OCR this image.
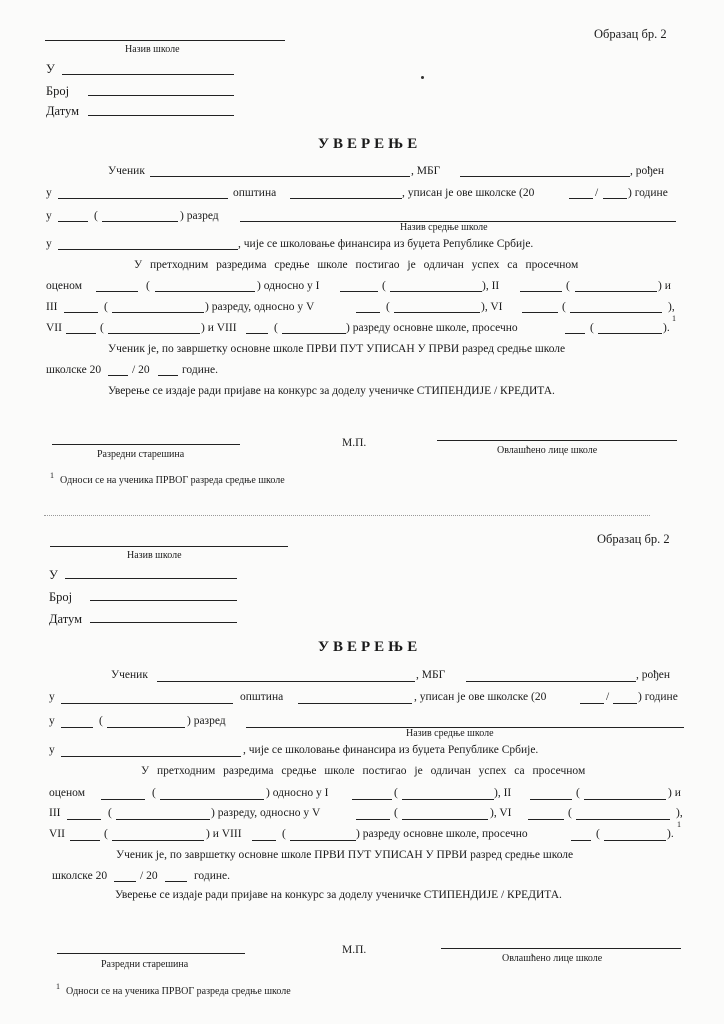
Образац бр. 2
Назив школе
У
Број
Датум
УВЕРЕЊЕ
Ученик	, МБГ	, рођен
у	општина	, уписан је ове школске (20	/	) године
у	(	) разред
Назив средње школе
у	, чије се школовање финансира из буџета Републике Србије.
У претходним разредима средње школе постигао је одличан успех са просечном
оценом	(	) односно у I	(	), II	(	) и
III	(	) разреду, односно у V	(	), VI	(	),
VII	(	) и VIII	(	) разреду основне школе, просечно	(	).
1
Ученик је, по завршетку основне школе ПРВИ ПУТ УПИСАН У ПРВИ разред средње школе
школске 20	/ 20	године.
Уверење се издаје ради пријаве на конкурс за доделу ученичке СТИПЕНДИЈЕ / КРЕДИТА.
Разредни старешина
М.П.
Овлашћено лице школе
1 Односи се на ученика ПРВОГ разреда средње школе
Образац бр. 2
Назив школе
У
Број
Датум
УВЕРЕЊЕ
Ученик	, МБГ	, рођен
у	општина	, уписан је ове школске (20	/	) године
у	(	) разред
Назив средње школе
у	, чије се школовање финансира из буџета Републике Србије.
У претходним разредима средње школе постигао је одличан успех са просечном
оценом	(	) односно у I	(	), II	(	) и
III	(	) разреду, односно у V	(	), VI	(	),
VII	(	) и VIII	(	) разреду основне школе, просечно	(	).
1
Ученик је, по завршетку основне школе ПРВИ ПУТ УПИСАН У ПРВИ разред средње школе
школске 20	/ 20	године.
Уверење се издаје ради пријаве на конкурс за доделу ученичке СТИПЕНДИЈЕ / КРЕДИТА.
Разредни старешина
М.П.
Овлашћено лице школе
1 Односи се на ученика ПРВОГ разреда средње школе
